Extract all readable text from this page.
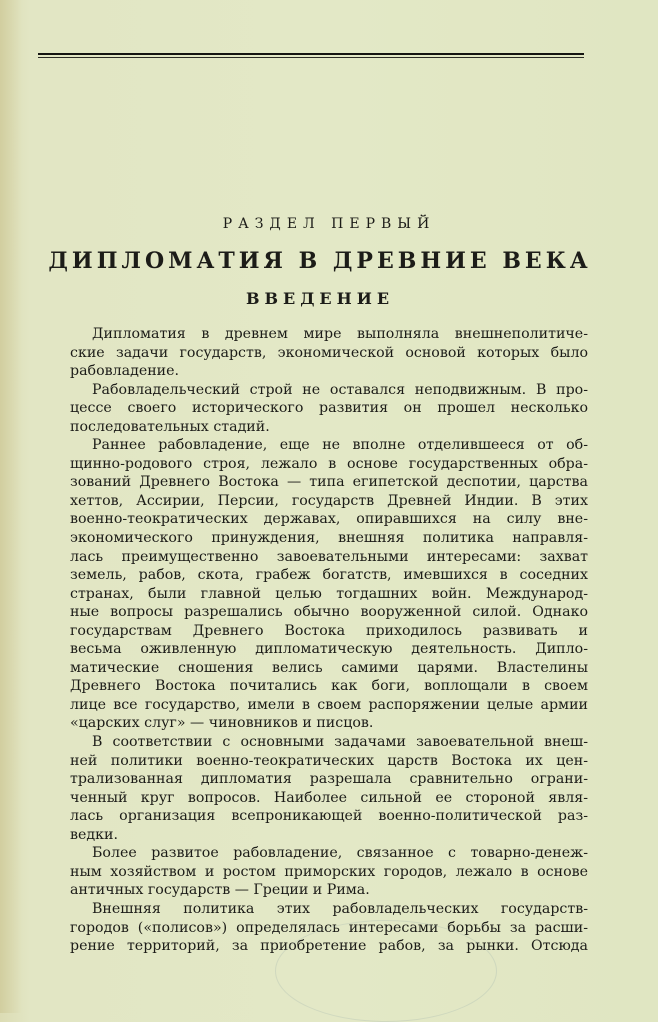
РАЗДЕЛ ПЕРВЫЙ
ДИПЛОМАТИЯ В ДРЕВНИЕ ВЕКА
ВВЕДЕНИЕ

Дипломатия в древнем мире выполняла внешнеполитиче-
ские задачи государств, экономической основой которых было
рабовладение.

Рабовладельческий строй не оставался неподвижным. В про-
цессе своего исторического развития он прошел несколько
последовательных стадий.

Раннее рабовладение, еще не вполне отделившееся от об-
щинно-родового строя, лежало в основе государственных обра-
зований Древнего Востока — типа египетской деспотии, царства
хеттов, Ассирии, Персии, государств Древней Индии. В этих
военно-теократических державах, опиравшихся на силу вне-
экономического принуждения, внешняя политика направля-
лась преимущественно завоевательными интересами: захват
земель, рабов, скота, грабеж богатств, имевшихся в соседних
странах, были главной целью тогдашних войн. Международ-
ные вопросы разрешались обычно вооруженной силой. Однако
государствам Древнего Востока приходилось развивать и
весьма оживленную дипломатическую деятельность. Дипло-
матические сношения велись самими царями. Властелины
Древнего Востока почитались как боги, воплощали в своем
лице все государство, имели в своем распоряжении целые армии
«царских слуг» — чиновников и писцов.

В соответствии с основными задачами завоевательной внеш-
ней политики военно-теократических царств Востока их цен-
трализованная дипломатия разрешала сравнительно ограни-
ченный круг вопросов. Наиболее сильной ее стороной явля-
лась организация всепроникающей военно-политической раз-
ведки.

Более развитое рабовладение, связанное с товарно-денеж-
ным хозяйством и ростом приморских городов, лежало в основе
античных государств — Греции и Рима.

Внешняя политика этих рабовладельческих государств-
городов («полисов») определялась интересами борьбы за расши-
рение территорий, за приобретение рабов, за рынки. Отсюда
